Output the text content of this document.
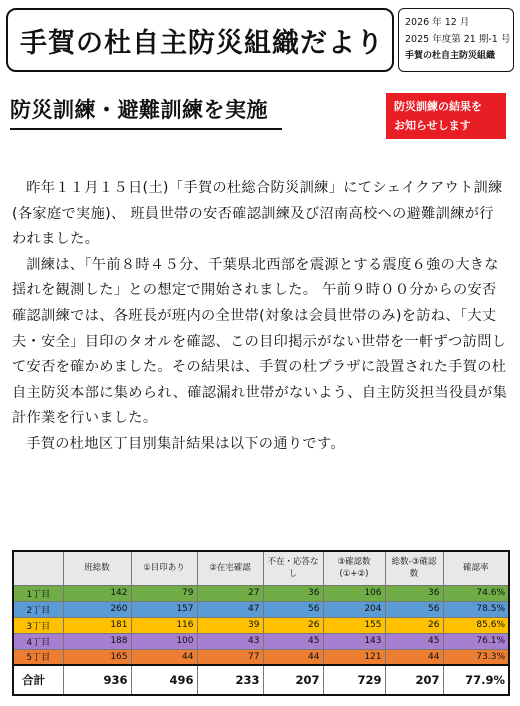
手賀の杜自主防災組織だより
2026 年 12 月
2025 年度第 21 期-1 号
手賀の杜自主防災組織
防災訓練・避難訓練を実施	防災訓練の結果を
お知らせします

昨年１１月１５日(土)「手賀の杜総合防災訓練」にてシェイクアウト訓練(各家庭で実施)、 班員世帯の安否確認訓練及び沼南高校への避難訓練が行われました。

訓練は、「午前８時４５分、千葉県北西部を震源とする震度６強の大きな揺れを観測した」との想定で開始されました。 午前９時００分からの安否確認訓練では、各班長が班内の全世帯(対象は会員世帯のみ)を訪ね、「大丈夫・安全」目印のタオルを確認、この目印掲示がない世帯を一軒ずつ訪問して安否を確かめました。その結果は、手賀の杜プラザに設置された手賀の杜自主防災本部に集められ、確認漏れ世帯がないよう、自主防災担当役員が集計作業を行いました。

手賀の杜地区丁目別集計結果は以下の通りです。

	班総数	①目印あり	②在宅確認	不在・応答なし	③確認数(①+②)	総数-③確認数	確認率
1丁目	142	79	27	36	106	36	74.6%
2丁目	260	157	47	56	204	56	78.5%
3丁目	181	116	39	26	155	26	85.6%
4丁目	188	100	43	45	143	45	76.1%
5丁目	165	44	77	44	121	44	73.3%
合計	936	496	233	207	729	207	77.9%
